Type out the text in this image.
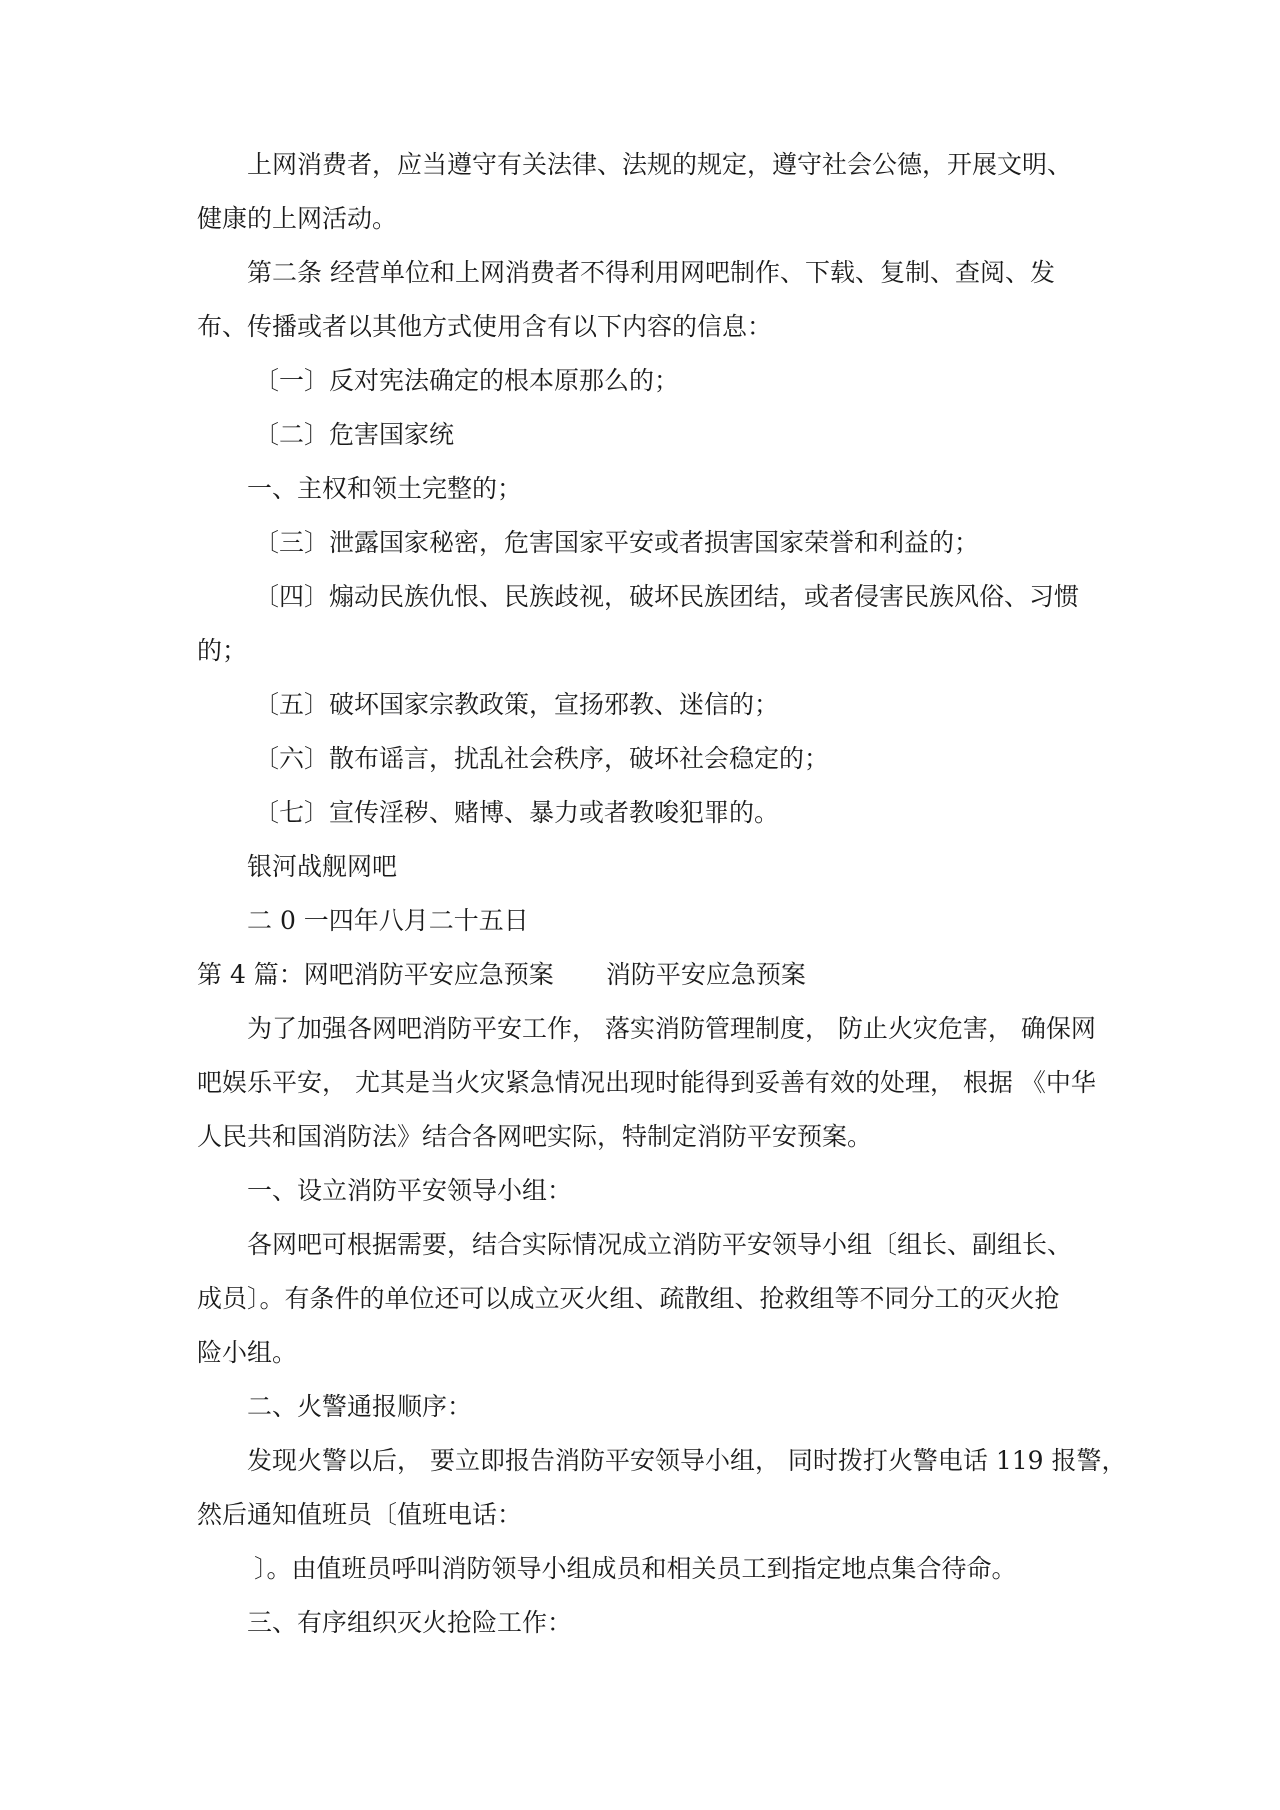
上网消费者，应当遵守有关法律、法规的规定，遵守社会公德，开展文明、

健康的上网活动。

第二条 经营单位和上网消费者不得利用网吧制作、下载、复制、查阅、发

布、传播或者以其他方式使用含有以下内容的信息：

〔一〕反对宪法确定的根本原那么的；

〔二〕危害国家统

一、主权和领土完整的；

〔三〕泄露国家秘密，危害国家平安或者损害国家荣誉和利益的；

〔四〕煽动民族仇恨、民族歧视，破坏民族团结，或者侵害民族风俗、习惯

的；

〔五〕破坏国家宗教政策，宣扬邪教、迷信的；

〔六〕散布谣言，扰乱社会秩序，破坏社会稳定的；

〔七〕宣传淫秽、赌博、暴力或者教唆犯罪的。

银河战舰网吧

二 0 一四年八月二十五日

第 4 篇：网吧消防平安应急预案 消防平安应急预案

为了加强各网吧消防平安工作， 落实消防管理制度， 防止火灾危害， 确保网

吧娱乐平安， 尤其是当火灾紧急情况出现时能得到妥善有效的处理， 根据 《中华

人民共和国消防法》结合各网吧实际，特制定消防平安预案。

一、设立消防平安领导小组：

各网吧可根据需要，结合实际情况成立消防平安领导小组〔组长、副组长、

成员〕。有条件的单位还可以成立灭火组、疏散组、抢救组等不同分工的灭火抢

险小组。

二、火警通报顺序：

发现火警以后， 要立即报告消防平安领导小组， 同时拨打火警电话 119 报警，

然后通知值班员〔值班电话：

〕。由值班员呼叫消防领导小组成员和相关员工到指定地点集合待命。

三、有序组织灭火抢险工作：
